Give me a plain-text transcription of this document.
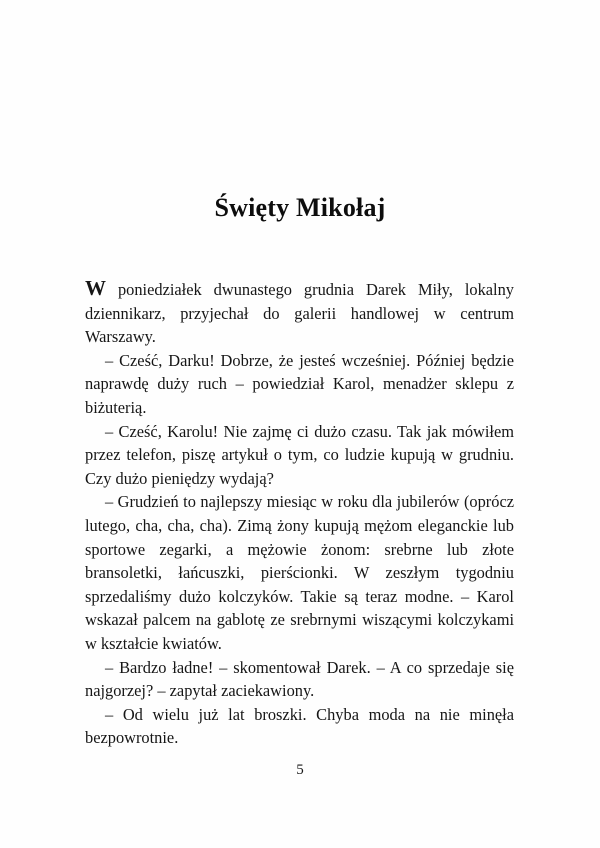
Święty Mikołaj

W poniedziałek dwunastego grudnia Darek Miły, lokalny dziennikarz, przyjechał do galerii handlowej w centrum Warszawy.

– Cześć, Darku! Dobrze, że jesteś wcześniej. Później będzie naprawdę duży ruch – powiedział Karol, menadżer sklepu z biżuterią.

– Cześć, Karolu! Nie zajmę ci dużo czasu. Tak jak mówiłem przez telefon, piszę artykuł o tym, co ludzie kupują w grudniu. Czy dużo pieniędzy wydają?

– Grudzień to najlepszy miesiąc w roku dla jubilerów (oprócz lutego, cha, cha, cha). Zimą żony kupują mężom eleganckie lub sportowe zegarki, a mężowie żonom: srebrne lub złote bransoletki, łańcuszki, pierścionki. W zeszłym tygodniu sprzedaliśmy dużo kolczyków. Takie są teraz modne. – Karol wskazał palcem na gablotę ze srebrnymi wiszącymi kolczykami w kształcie kwiatów.

– Bardzo ładne! – skomentował Darek. – A co sprzedaje się najgorzej? – zapytał zaciekawiony.

– Od wielu już lat broszki. Chyba moda na nie minęła bezpowrotnie.

5
